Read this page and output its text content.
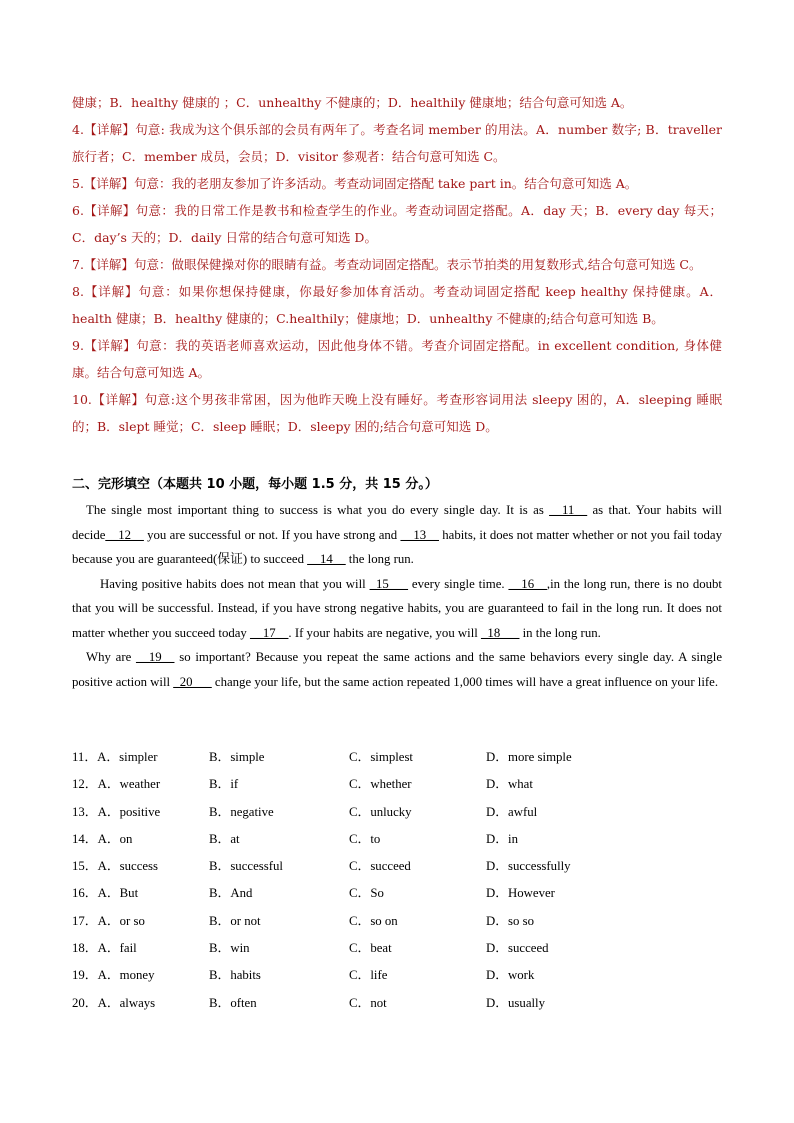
健康；B．healthy 健康的 ；C．unhealthy 不健康的；D．healthily 健康地；结合句意可知选 A。

4.【详解】句意: 我成为这个俱乐部的会员有两年了。考查名词 member 的用法。A．number 数字; B．traveller 旅行者；C．member 成员，会员；D．visitor 参观者：结合句意可知选 C。

5.【详解】句意：我的老朋友参加了许多活动。考查动词固定搭配 take part in。结合句意可知选 A。

6.【详解】句意：我的日常工作是教书和检查学生的作业。考查动词固定搭配。A．day 天；B．every day 每天；C．day’s 天的；D．daily 日常的结合句意可知选 D。

7.【详解】句意：做眼保健操对你的眼睛有益。考查动词固定搭配。表示节拍类的用复数形式,结合句意可知选 C。

8.【详解】句意：如果你想保持健康，你最好参加体育活动。考查动词固定搭配 keep healthy 保持健康。A．health 健康；B．healthy 健康的；C.healthily；健康地；D．unhealthy 不健康的;结合句意可知选 B。

9.【详解】句意：我的英语老师喜欢运动，因此他身体不错。考查介词固定搭配。in excellent condition, 身体健康。结合句意可知选 A。

10.【详解】句意:这个男孩非常困，因为他昨天晚上没有睡好。考查形容词用法 sleepy 困的，A．sleeping 睡眠的；B．slept 睡觉；C．sleep 睡眠；D．sleepy 困的;结合句意可知选 D。

二、完形填空（本题共 10 小题，每小题 1.5 分，共 15 分。）

The single most important thing to success is what you do every single day. It is as __11__ as that. Your habits will decide__12__ you are successful or not. If you have strong and __13__ habits, it does not matter whether or not you fail today because you are guaranteed(保证) to succeed __14__ the long run.

Having positive habits does not mean that you will _15___ every single time. __16__,in the long run, there is no doubt that you will be successful. Instead, if you have strong negative habits, you are guaranteed to fail in the long run. It does not matter whether you succeed today __17__. If your habits are negative, you will _18___ in the long run.

Why are __19__ so important? Because you repeat the same actions and the same behaviors every single day. A single positive action will _20___ change your life, but the same action repeated 1,000 times will have a great influence on your life.

11．A．simpler	B．simple	C．simplest	D．more simple
12．A．weather	B．if	C．whether	D．what
13．A．positive	B．negative	C．unlucky	D．awful
14．A．on	B．at	C．to	D．in
15．A．success	B．successful	C．succeed	D．successfully
16．A．But	B．And	C．So	D．However
17．A．or so	B．or not	C．so on	D．so so
18．A．fail	B．win	C．beat	D．succeed
19．A．money	B．habits	C．life	D．work
20．A．always	B．often	C．not	D．usually
